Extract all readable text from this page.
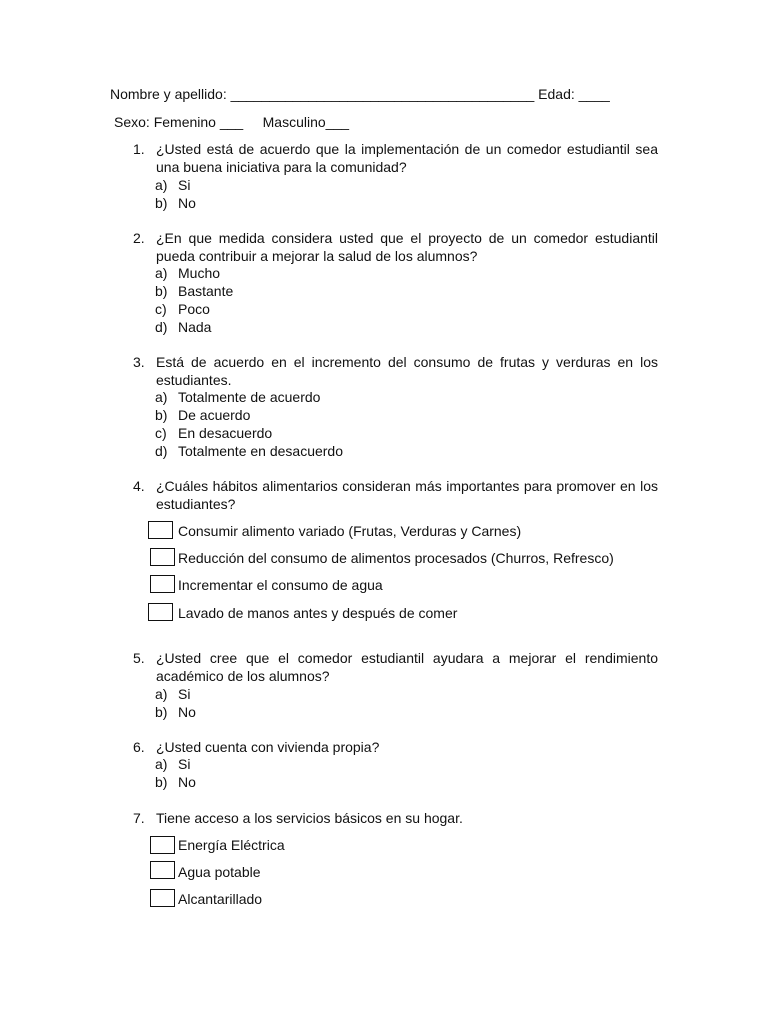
Nombre y apellido: _______________________________________ Edad: ____
Sexo: Femenino ___     Masculino___
1. ¿Usted está de acuerdo que la implementación de un comedor estudiantil sea
una buena iniciativa para la comunidad?
a) Si
b) No
2. ¿En que medida considera usted que el proyecto de un comedor estudiantil
pueda contribuir a mejorar la salud de los alumnos?
a) Mucho
b) Bastante
c) Poco
d) Nada
3. Está de acuerdo en el incremento del consumo de frutas y verduras en los
estudiantes.
a) Totalmente de acuerdo
b) De acuerdo
c) En desacuerdo
d) Totalmente en desacuerdo
4. ¿Cuáles hábitos alimentarios consideran más importantes para promover en los
estudiantes?
Consumir alimento variado (Frutas, Verduras y Carnes)
Reducción del consumo de alimentos procesados (Churros, Refresco)
Incrementar el consumo de agua
Lavado de manos antes y después de comer
5. ¿Usted cree que el comedor estudiantil ayudara a mejorar el rendimiento
académico de los alumnos?
a) Si
b) No
6. ¿Usted cuenta con vivienda propia?
a) Si
b) No
7. Tiene acceso a los servicios básicos en su hogar.
Energía Eléctrica
Agua potable
Alcantarillado
